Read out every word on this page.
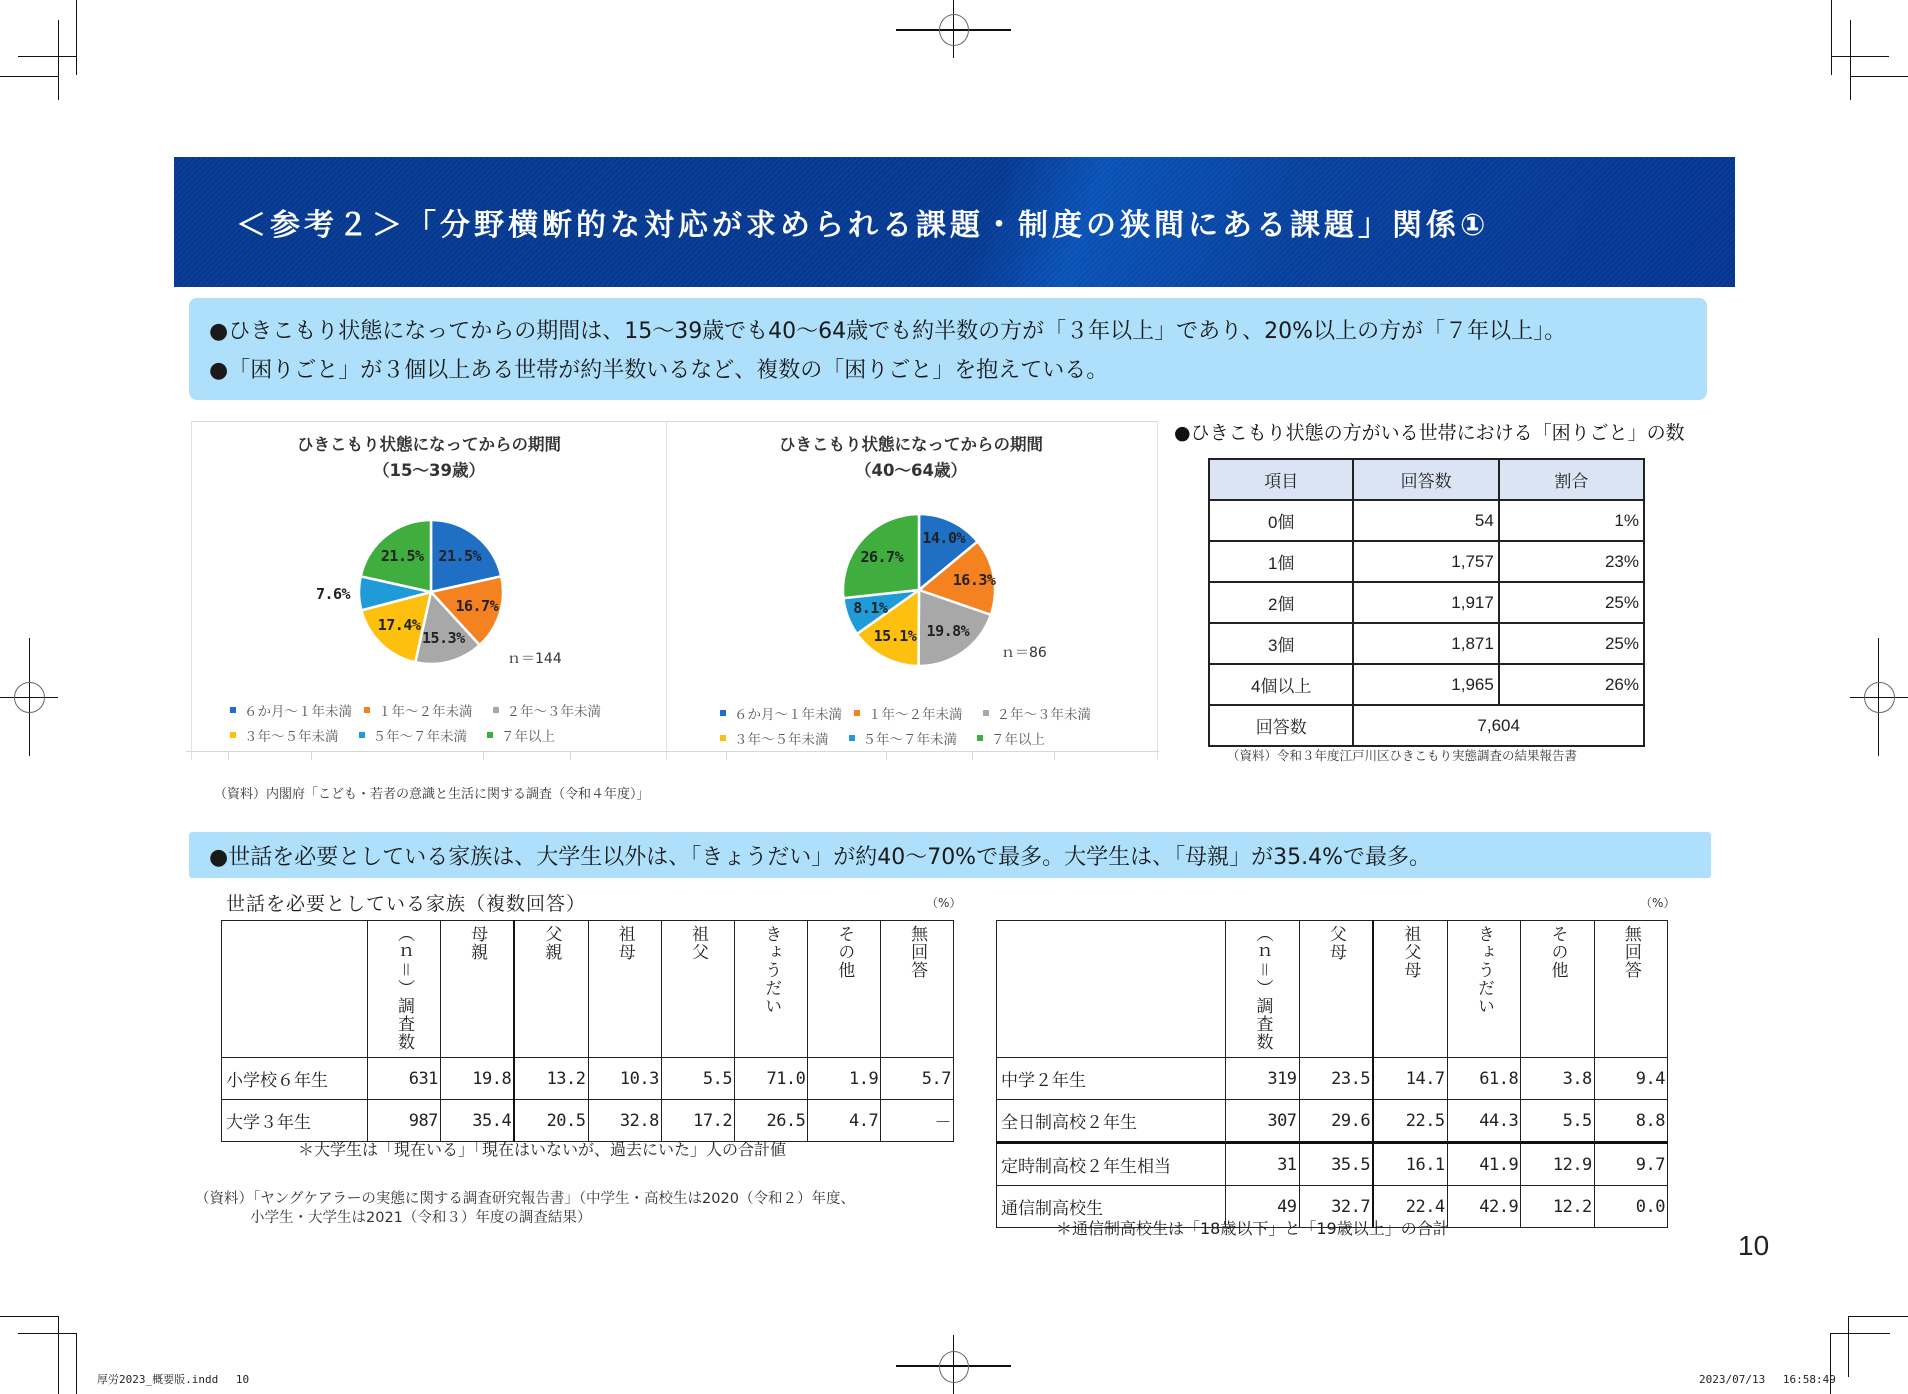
＜参考２＞「分野横断的な対応が求められる課題・制度の狭間にある課題」関係①

●ひきこもり状態になってからの期間は、15～39歳でも40～64歳でも約半数の方が「３年以上」であり、20%以上の方が「７年以上」。

●「困りごと」が３個以上ある世帯が約半数いるなど、複数の「困りごと」を抱えている。

ひきこもり状態になってからの期間
（15～39歳）
21.5%
16.7%
15.3%
17.4%
7.6%
21.5%
ｎ＝144
６か月～１年未満 １年～２年未満	２年～３年未満
３年～５年未満	５年～７年未満	７年以上
ひきこもり状態になってからの期間
（40～64歳）
14.0%
16.3%
19.8%
15.1%
8.1%
26.7%
ｎ＝86
６か月～１年未満 １年～２年未満	２年～３年未満
３年～５年未満	５年～７年未満	７年以上
（資料）内閣府「こども・若者の意識と生活に関する調査（令和４年度）」
●ひきこもり状態の方がいる世帯における「困りごと」の数
項目	回答数	割合
0個	54	1%
1個	1,757	23%
2個	1,917	25%
3個	1,871	25%
4個以上	1,965	26%
回答数	7,604	
（資料）令和３年度江戸川区ひきこもり実態調査の結果報告書

●世話を必要としている家族は、大学生以外は、「きょうだい」が約40～70%で最多。大学生は、「母親」が35.4%で最多。

世話を必要としている家族（複数回答）	（%）	（%）
	（ｎ＝）調査数	母親	父親	祖母	祖父	きょうだい	その他	無回答
小学校６年生	631	19.8	13.2	10.3	5.5	71.0	1.9	5.7
大学３年生	987	35.4	20.5	32.8	17.2	26.5	4.7	－
＊大学生は「現在いる」「現在はいないが、過去にいた」人の合計値
	（ｎ＝）調査数	父母	祖父母	きょうだい	その他	無回答
中学２年生	319	23.5	14.7	61.8	3.8	9.4
全日制高校２年生	307	29.6	22.5	44.3	5.5	8.8
定時制高校２年生相当	31	35.5	16.1	41.9	12.9	9.7
通信制高校生	49	32.7	22.4	42.9	12.2	0.0
＊通信制高校生は「18歳以下」と「19歳以上」の合計
（資料）「ヤングケアラーの実態に関する調査研究報告書」（中学生・高校生は2020（令和２）年度、
小学生・大学生は2021（令和３）年度の調査結果）
10
厚労2023_概要版.indd　 10	2023/07/13　 16:58:49
